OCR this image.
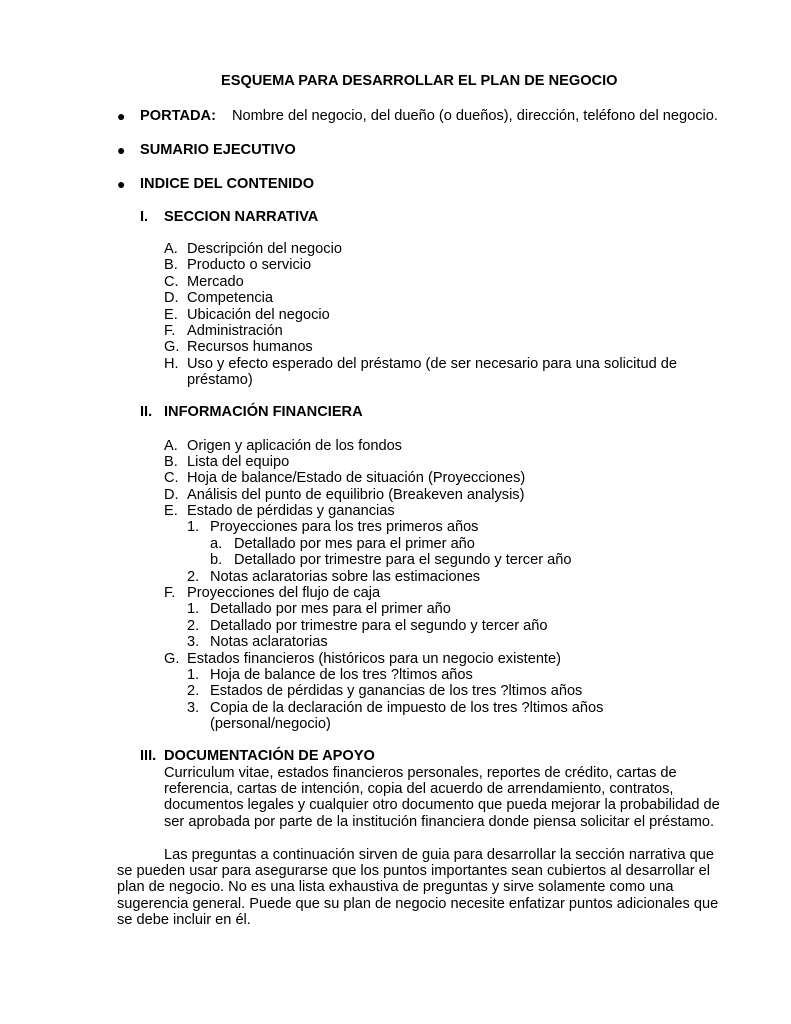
ESQUEMA PARA DESARROLLAR EL PLAN DE NEGOCIO
● PORTADA: Nombre del negocio, del dueño (o dueños), dirección, teléfono del negocio.
● SUMARIO EJECUTIVO
● INDICE DEL CONTENIDO
I. SECCION NARRATIVA
A. Descripción del negocio
B. Producto o servicio
C. Mercado
D. Competencia
E. Ubicación del negocio
F. Administración
G. Recursos humanos
H. Uso y efecto esperado del préstamo (de ser necesario para una solicitud de
préstamo)
II. INFORMACIÓN FINANCIERA
A. Origen y aplicación de los fondos
B. Lista del equipo
C. Hoja de balance/Estado de situación (Proyecciones)
D. Análisis del punto de equilibrio (Breakeven analysis)
E. Estado de pérdidas y ganancias
1. Proyecciones para los tres primeros años
a. Detallado por mes para el primer año
b. Detallado por trimestre para el segundo y tercer año
2. Notas aclaratorias sobre las estimaciones
F. Proyecciones del flujo de caja
1. Detallado por mes para el primer año
2. Detallado por trimestre para el segundo y tercer año
3. Notas aclaratorias
G. Estados financieros (históricos para un negocio existente)
1. Hoja de balance de los tres ?ltimos años
2. Estados de pérdidas y ganancias de los tres ?ltimos años
3. Copia de la declaración de impuesto de los tres ?ltimos años
(personal/negocio)
III. DOCUMENTACIÓN DE APOYO
Curriculum vitae, estados financieros personales, reportes de crédito, cartas de
referencia, cartas de intención, copia del acuerdo de arrendamiento, contratos,
documentos legales y cualquier otro documento que pueda mejorar la probabilidad de
ser aprobada por parte de la institución financiera donde piensa solicitar el préstamo.
Las preguntas a continuación sirven de guia para desarrollar la sección narrativa que
se pueden usar para asegurarse que los puntos importantes sean cubiertos al desarrollar el
plan de negocio. No es una lista exhaustiva de preguntas y sirve solamente como una
sugerencia general. Puede que su plan de negocio necesite enfatizar puntos adicionales que
se debe incluir en él.
